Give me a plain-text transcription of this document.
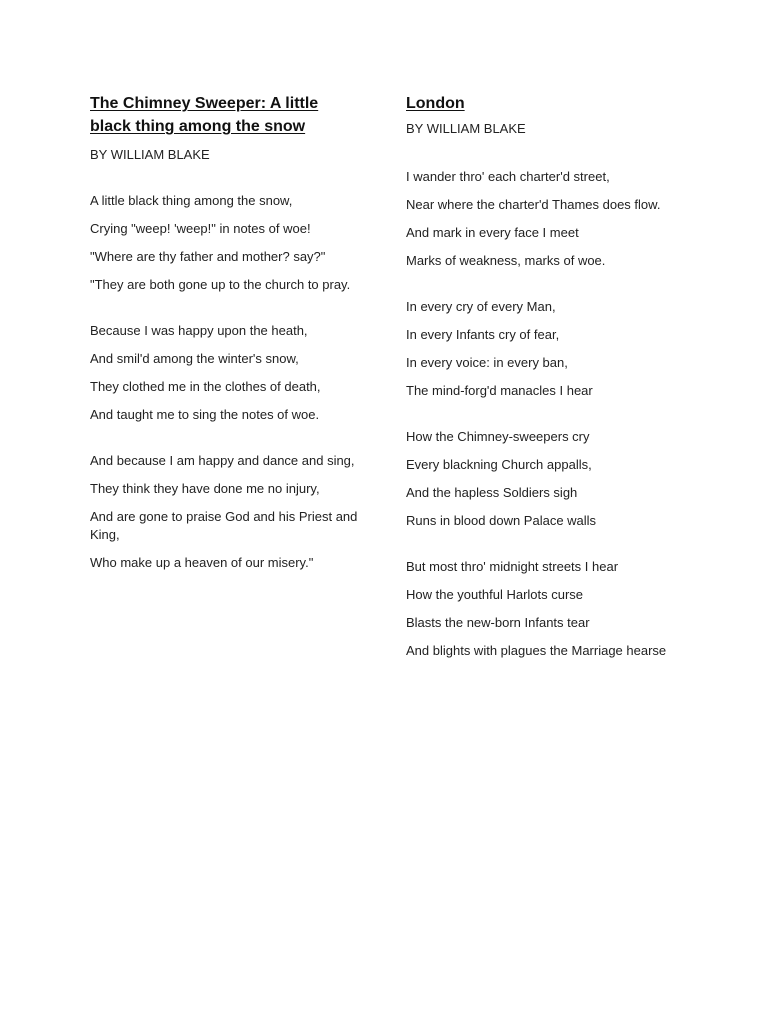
The Chimney Sweeper: A little black thing among the snow

BY WILLIAM BLAKE

A little black thing among the snow,
Crying "weep! 'weep!" in notes of woe!
"Where are thy father and mother? say?"
"They are both gone up to the church to pray.
Because I was happy upon the heath,
And smil'd among the winter's snow,
They clothed me in the clothes of death,
And taught me to sing the notes of woe.
And because I am happy and dance and sing,
They think they have done me no injury,
And are gone to praise God and his Priest and King,
Who make up a heaven of our misery."
London

BY WILLIAM BLAKE

I wander thro' each charter'd street,
Near where the charter'd Thames does flow.
And mark in every face I meet
Marks of weakness, marks of woe.
In every cry of every Man,
In every Infants cry of fear,
In every voice: in every ban,
The mind-forg'd manacles I hear
How the Chimney-sweepers cry
Every blackning Church appalls,
And the hapless Soldiers sigh
Runs in blood down Palace walls
But most thro' midnight streets I hear
How the youthful Harlots curse
Blasts the new-born Infants tear
And blights with plagues the Marriage hearse
